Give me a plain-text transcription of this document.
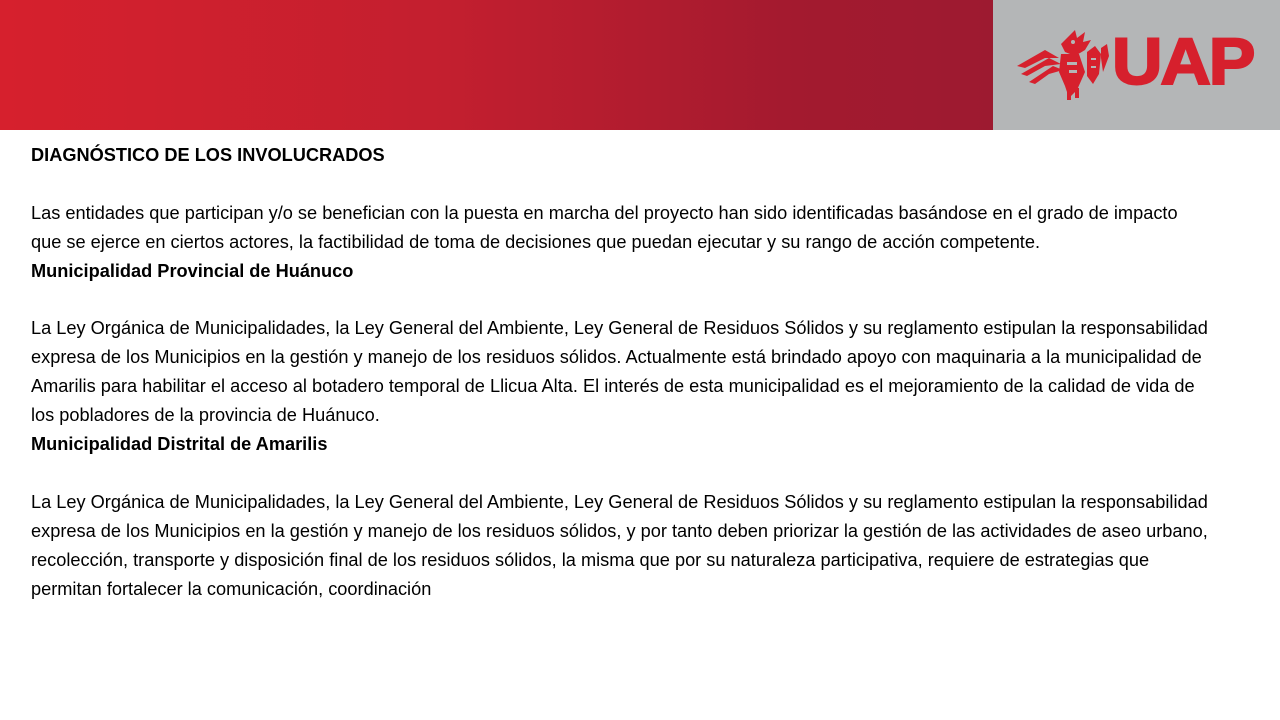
UAP

DIAGNÓSTICO DE LOS INVOLUCRADOS

Las entidades que participan y/o se benefician con la puesta en marcha del proyecto han sido identificadas basándose en el grado de impacto que se ejerce en ciertos actores, la factibilidad de toma de decisiones que puedan ejecutar y su rango de acción competente.

Municipalidad Provincial de Huánuco

La Ley Orgánica de Municipalidades, la Ley General del Ambiente, Ley General de Residuos Sólidos y su reglamento estipulan la responsabilidad expresa de los Municipios en la gestión y manejo de los residuos sólidos. Actualmente está brindado apoyo con maquinaria a la municipalidad de Amarilis para habilitar el acceso al botadero temporal de Llicua Alta. El interés de esta municipalidad es el mejoramiento de la calidad de vida de los pobladores de la provincia de Huánuco.

Municipalidad Distrital de Amarilis

La Ley Orgánica de Municipalidades, la Ley General del Ambiente, Ley General de Residuos Sólidos y su reglamento estipulan la responsabilidad expresa de los Municipios en la gestión y manejo de los residuos sólidos, y por tanto deben priorizar la gestión de las actividades de aseo urbano, recolección, transporte y disposición final de los residuos sólidos, la misma que por su naturaleza participativa, requiere de estrategias que permitan fortalecer la comunicación, coordinación
